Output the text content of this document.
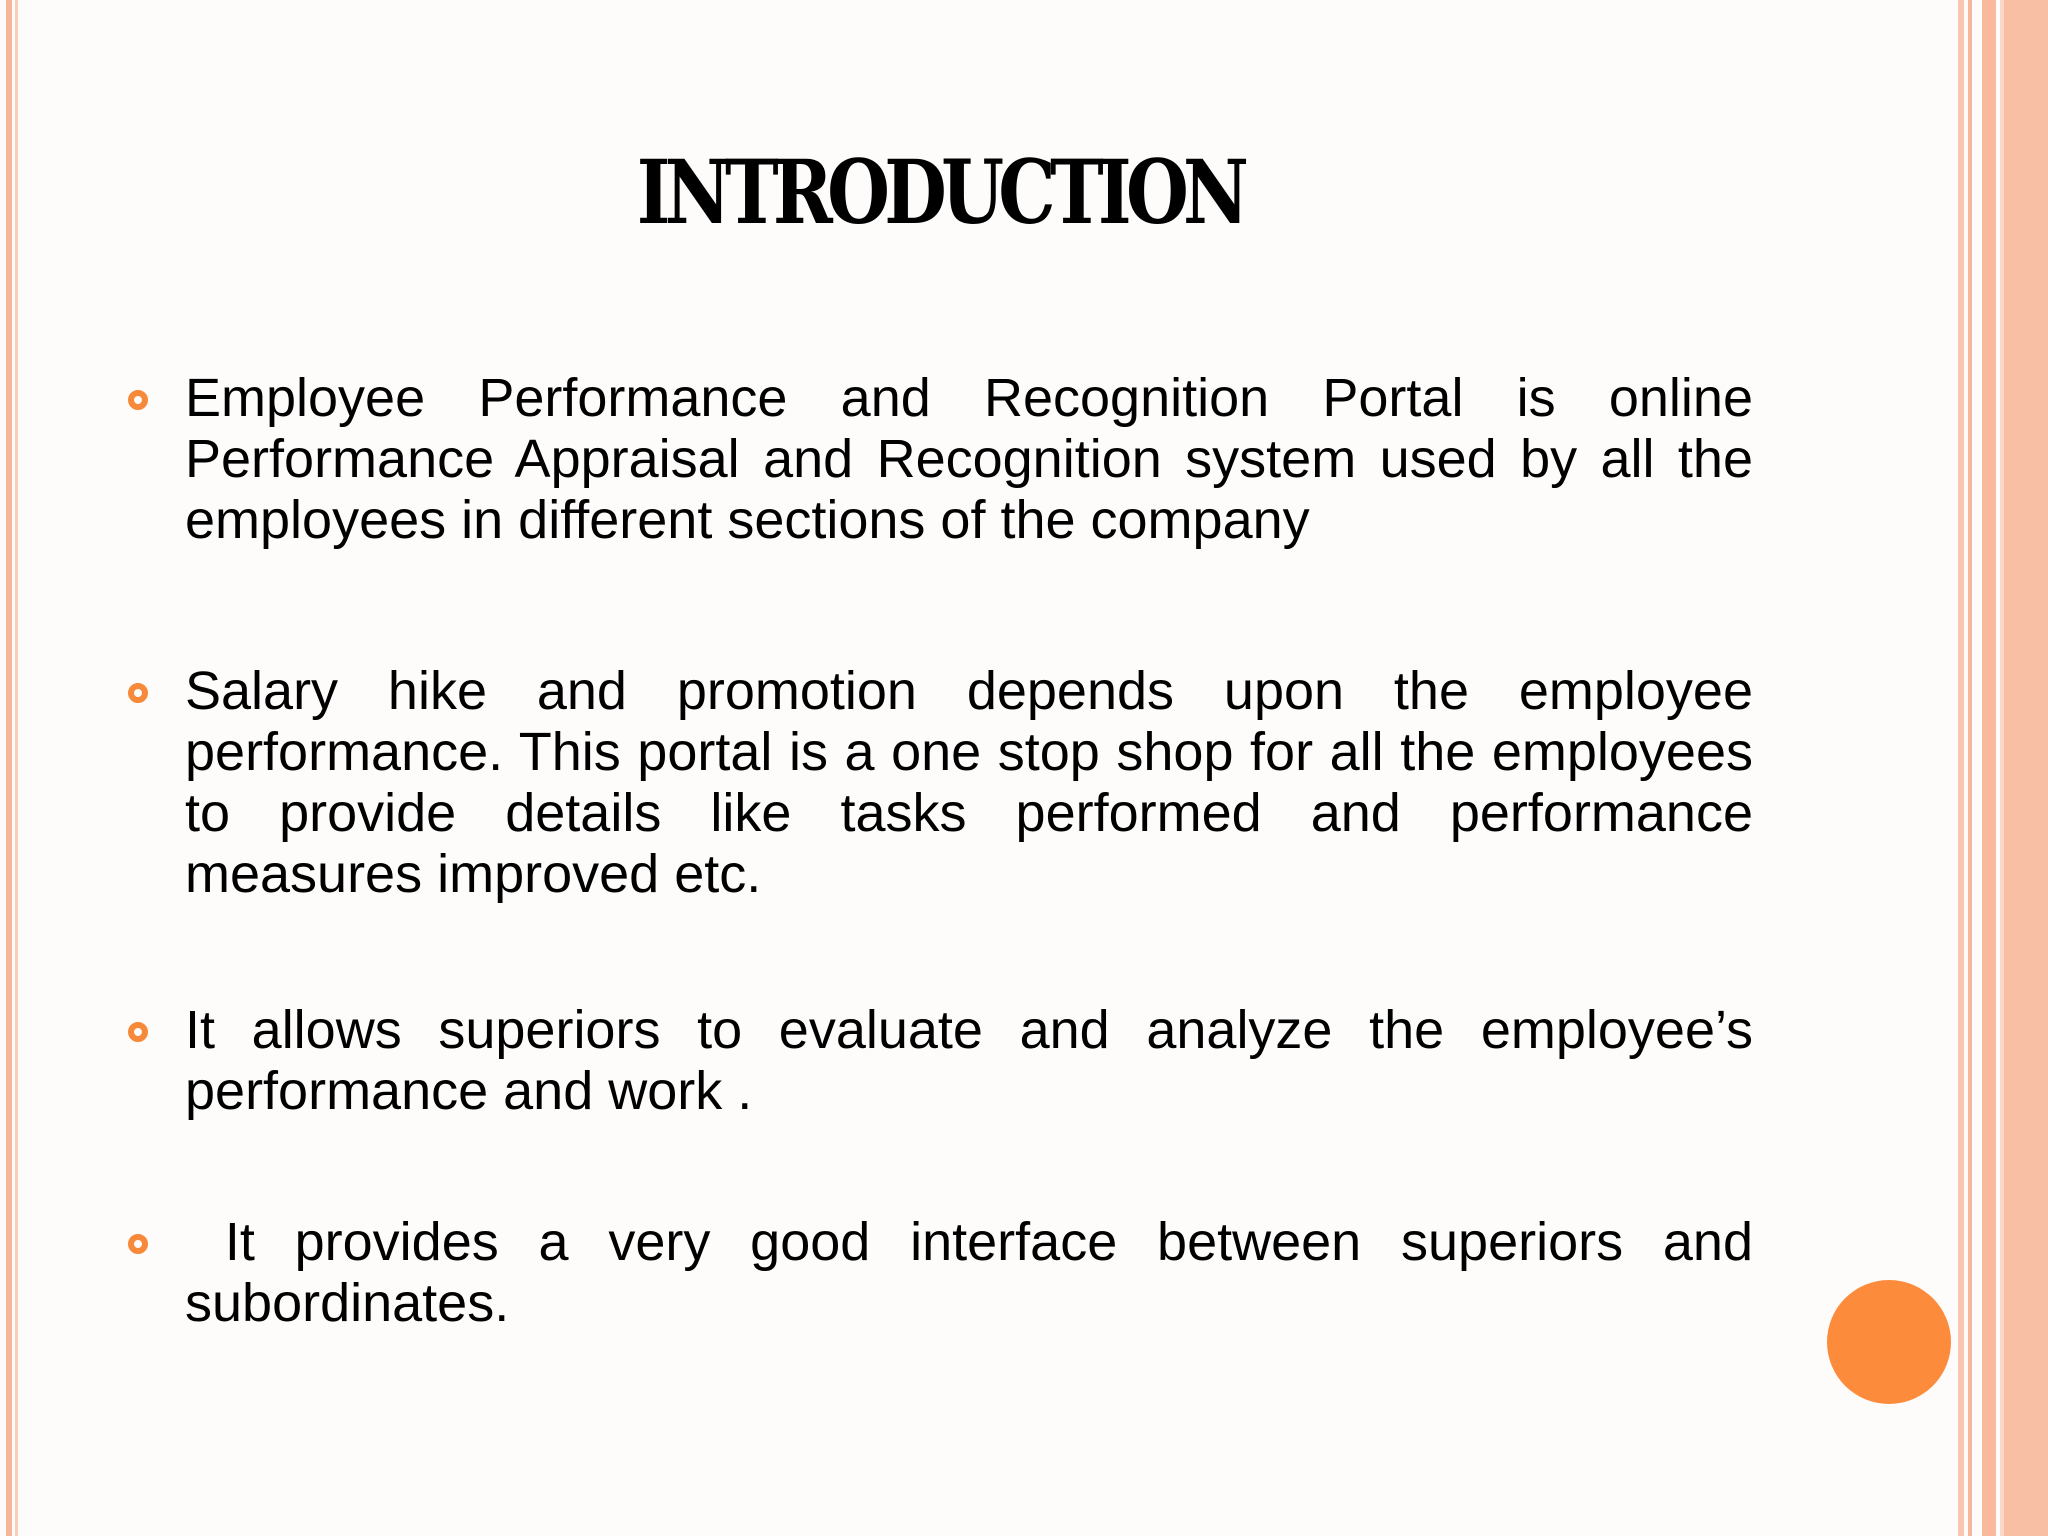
INTRODUCTION
Employee Performance and Recognition Portal is online Performance Appraisal and Recognition system used by all the employees in different sections of the company
Salary hike and promotion depends upon the employee performance. This portal is a one stop shop for all the employees to provide details like tasks performed and performance measures improved etc.
It allows superiors to evaluate and analyze the employee’s performance and work .
It provides a very good interface between superiors and subordinates.
